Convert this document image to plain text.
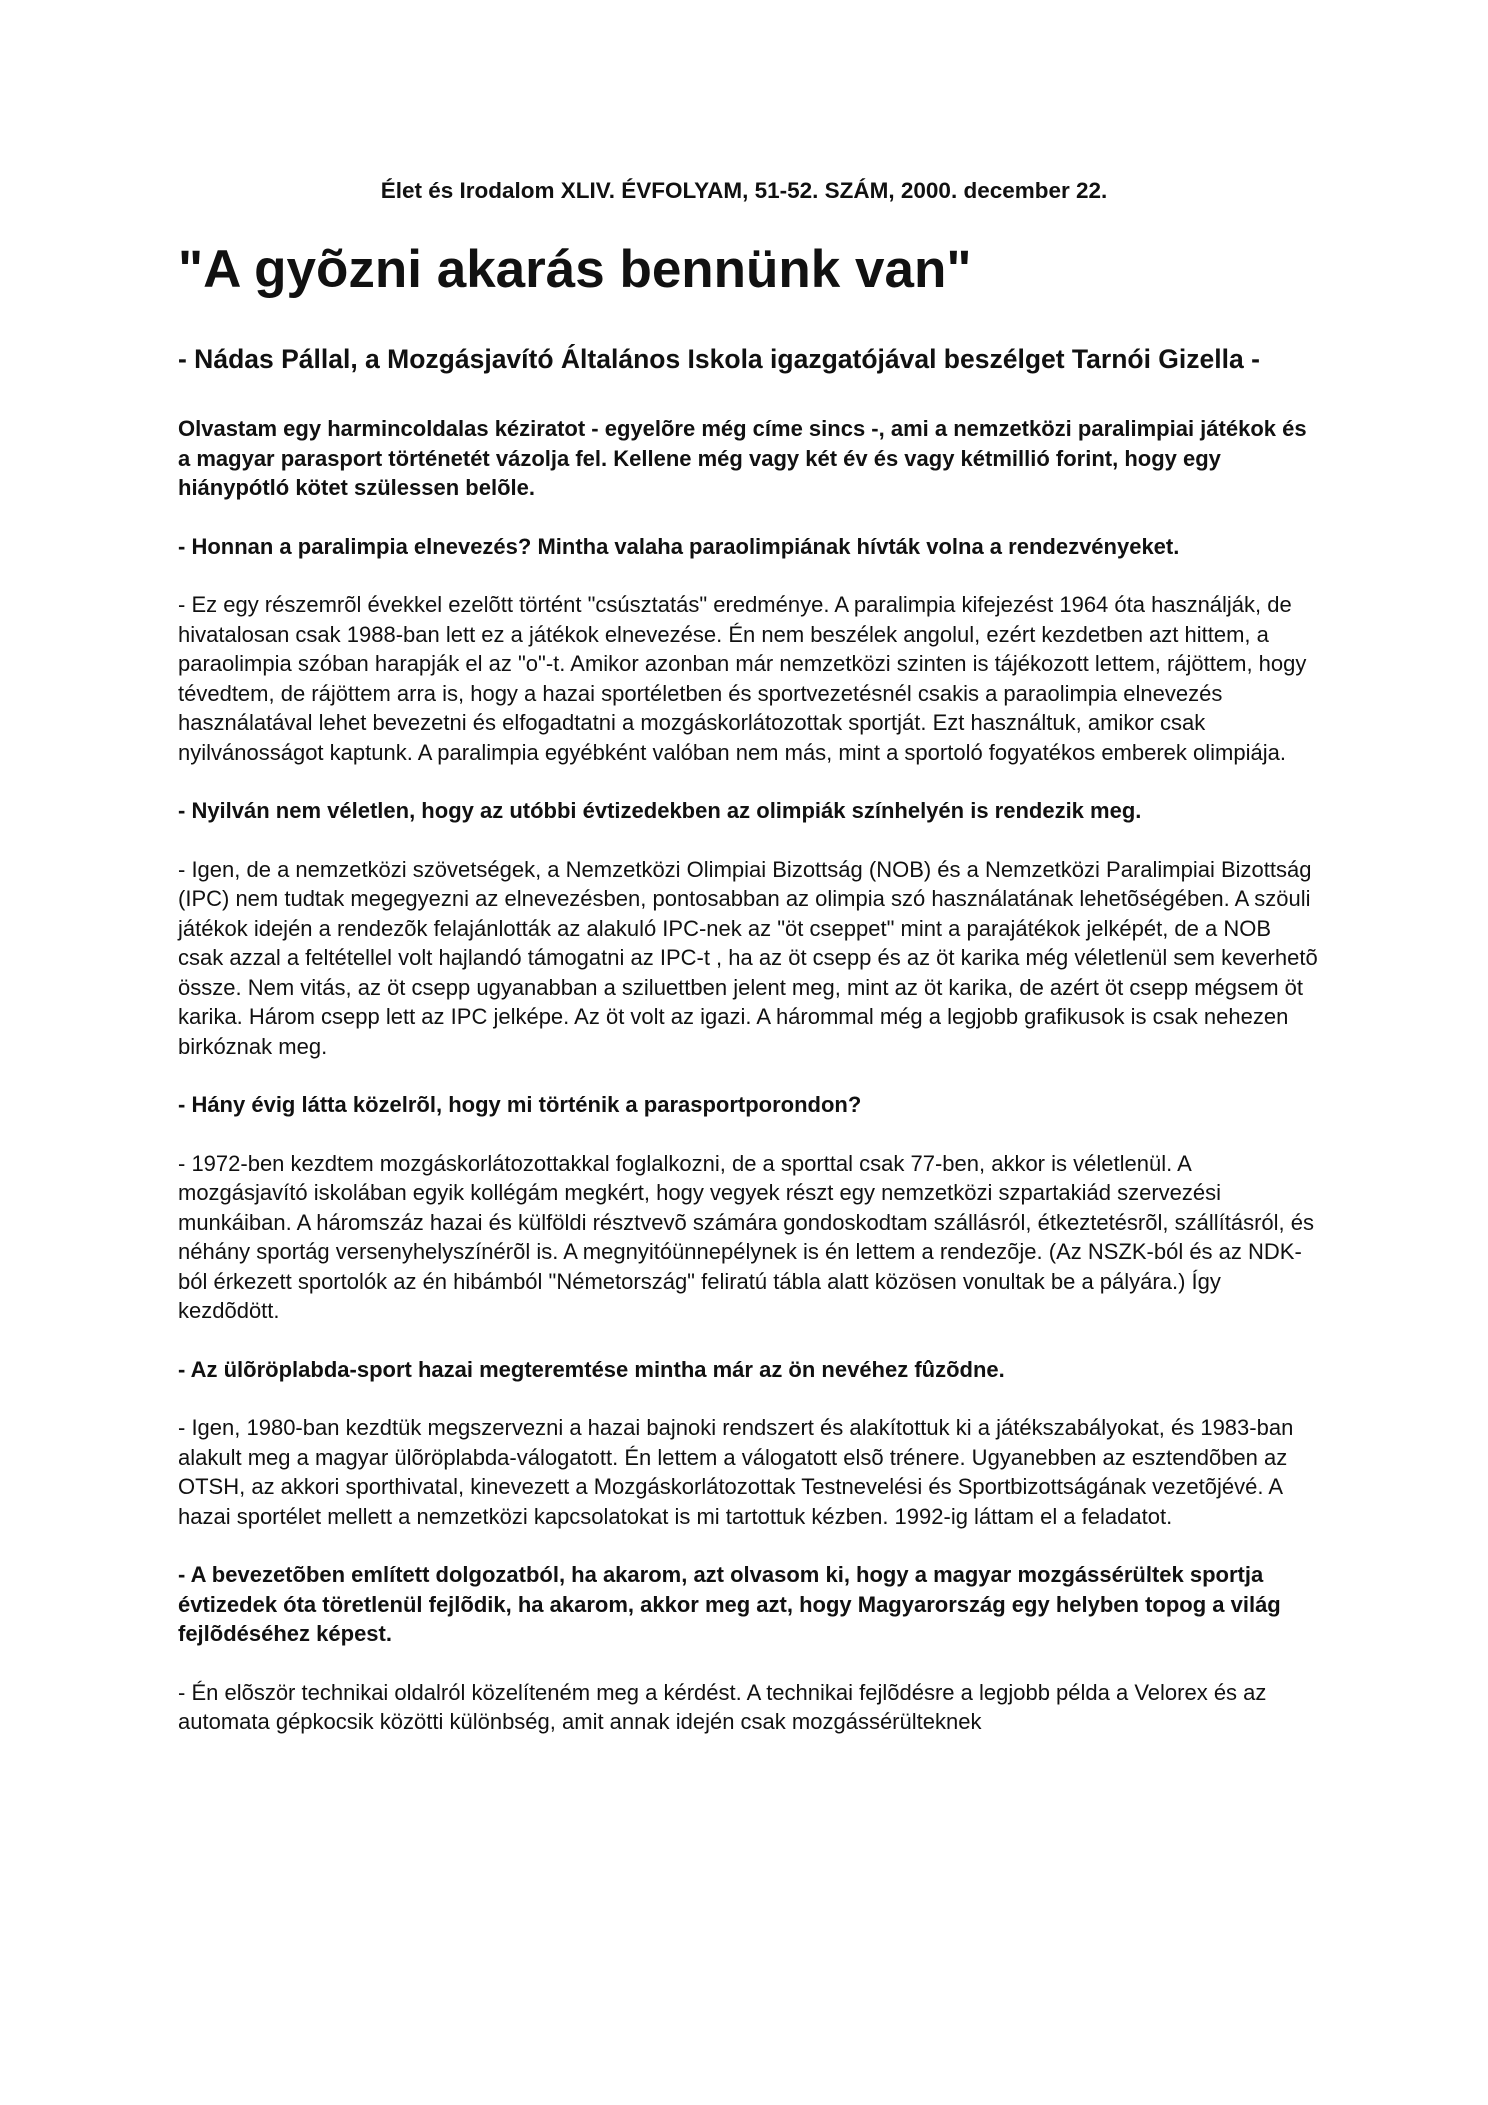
Élet és Irodalom XLIV. ÉVFOLYAM, 51-52. SZÁM, 2000. december 22.
"A gyõzni akarás bennünk van"

- Nádas Pállal, a Mozgásjavító Általános Iskola igazgatójával beszélget Tarnói Gizella -

Olvastam egy harmincoldalas kéziratot - egyelõre még címe sincs -, ami a nemzetközi paralimpiai játékok és a magyar parasport történetét vázolja fel. Kellene még vagy két év és vagy kétmillió forint, hogy egy hiánypótló kötet szülessen belõle.

- Honnan a paralimpia elnevezés? Mintha valaha paraolimpiának hívták volna a rendezvényeket.

- Ez egy részemrõl évekkel ezelõtt történt "csúsztatás" eredménye. A paralimpia kifejezést 1964 óta használják, de hivatalosan csak 1988-ban lett ez a játékok elnevezése. Én nem beszélek angolul, ezért kezdetben azt hittem, a paraolimpia szóban harapják el az "o"-t. Amikor azonban már nemzetközi szinten is tájékozott lettem, rájöttem, hogy tévedtem, de rájöttem arra is, hogy a hazai sportéletben és sportvezetésnél csakis a paraolimpia elnevezés használatával lehet bevezetni és elfogadtatni a mozgáskorlátozottak sportját. Ezt használtuk, amikor csak nyilvánosságot kaptunk. A paralimpia egyébként valóban nem más, mint a sportoló fogyatékos emberek olimpiája.

- Nyilván nem véletlen, hogy az utóbbi évtizedekben az olimpiák színhelyén is rendezik meg.

- Igen, de a nemzetközi szövetségek, a Nemzetközi Olimpiai Bizottság (NOB) és a Nemzetközi Paralimpiai Bizottság (IPC) nem tudtak megegyezni az elnevezésben, pontosabban az olimpia szó használatának lehetõségében. A szöuli játékok idején a rendezõk felajánlották az alakuló IPC-nek az "öt cseppet" mint a parajátékok jelképét, de a NOB csak azzal a feltétellel volt hajlandó támogatni az IPC-t , ha az öt csepp és az öt karika még véletlenül sem keverhetõ össze. Nem vitás, az öt csepp ugyanabban a sziluettben jelent meg, mint az öt karika, de azért öt csepp mégsem öt karika. Három csepp lett az IPC jelképe. Az öt volt az igazi. A hárommal még a legjobb grafikusok is csak nehezen birkóznak meg.

- Hány évig látta közelrõl, hogy mi történik a parasportporondon?

- 1972-ben kezdtem mozgáskorlátozottakkal foglalkozni, de a sporttal csak 77-ben, akkor is véletlenül. A mozgásjavító iskolában egyik kollégám megkért, hogy vegyek részt egy nemzetközi szpartakiád szervezési munkáiban. A háromszáz hazai és külföldi résztvevõ számára gondoskodtam szállásról, étkeztetésrõl, szállításról, és néhány sportág versenyhelyszínérõl is. A megnyitóünnepélynek is én lettem a rendezõje. (Az NSZK-ból és az NDK-ból érkezett sportolók az én hibámból "Németország" feliratú tábla alatt közösen vonultak be a pályára.) Így kezdõdött.

- Az ülõröplabda-sport hazai megteremtése mintha már az ön nevéhez fûzõdne.

- Igen, 1980-ban kezdtük megszervezni a hazai bajnoki rendszert és alakítottuk ki a játékszabályokat, és 1983-ban alakult meg a magyar ülõröplabda-válogatott. Én lettem a válogatott elsõ trénere. Ugyanebben az esztendõben az OTSH, az akkori sporthivatal, kinevezett a Mozgáskorlátozottak Testnevelési és Sportbizottságának vezetõjévé. A hazai sportélet mellett a nemzetközi kapcsolatokat is mi tartottuk kézben. 1992-ig láttam el a feladatot.

- A bevezetõben említett dolgozatból, ha akarom, azt olvasom ki, hogy a magyar mozgássérültek sportja évtizedek óta töretlenül fejlõdik, ha akarom, akkor meg azt, hogy Magyarország egy helyben topog a világ fejlõdéséhez képest.

- Én elõször technikai oldalról közelíteném meg a kérdést. A technikai fejlõdésre a legjobb példa a Velorex és az automata gépkocsik közötti különbség, amit annak idején csak mozgássérülteknek
